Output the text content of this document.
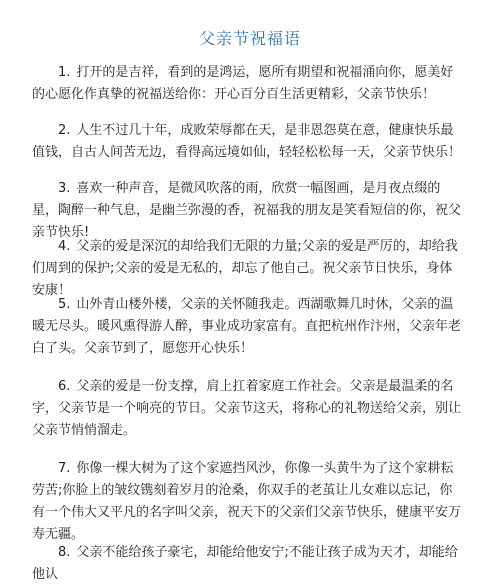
父亲节祝福语

1. 打开的是吉祥，看到的是鸿运，愿所有期望和祝福涌向你，愿美好的心愿化作真挚的祝福送给你：开心百分百生活更精彩，父亲节快乐！

2. 人生不过几十年，成败荣辱都在天，是非恩怨莫在意，健康快乐最值钱，自古人间苦无边，看得高远境如仙，轻轻松松每一天，父亲节快乐！

3. 喜欢一种声音，是微风吹落的雨，欣赏一幅图画，是月夜点缀的星，陶醉一种气息，是幽兰弥漫的香，祝福我的朋友是笑看短信的你，祝父亲节快乐!

4. 父亲的爱是深沉的却给我们无限的力量;父亲的爱是严厉的，却给我们周到的保护;父亲的爱是无私的，却忘了他自己。祝父亲节日快乐，身体安康！

5. 山外青山楼外楼，父亲的关怀随我走。西湖歌舞几时休，父亲的温暖无尽头。暖风熏得游人醉，事业成功家富有。直把杭州作汴州，父亲年老白了头。父亲节到了，愿您开心快乐！

6. 父亲的爱是一份支撑，肩上扛着家庭工作社会。父亲是最温柔的名字，父亲节是一个响亮的节日。父亲节这天，将称心的礼物送给父亲，别让父亲节悄悄溜走。

7. 你像一棵大树为了这个家遮挡风沙，你像一头黄牛为了这个家耕耘劳苦;你脸上的皱纹镌刻着岁月的沧桑，你双手的老茧让儿女难以忘记，你有一个伟大又平凡的名字叫父亲，祝天下的父亲们父亲节快乐，健康平安万寿无疆。

8. 父亲不能给孩子豪宅，却能给他安宁;不能让孩子成为天才，却能给他认
